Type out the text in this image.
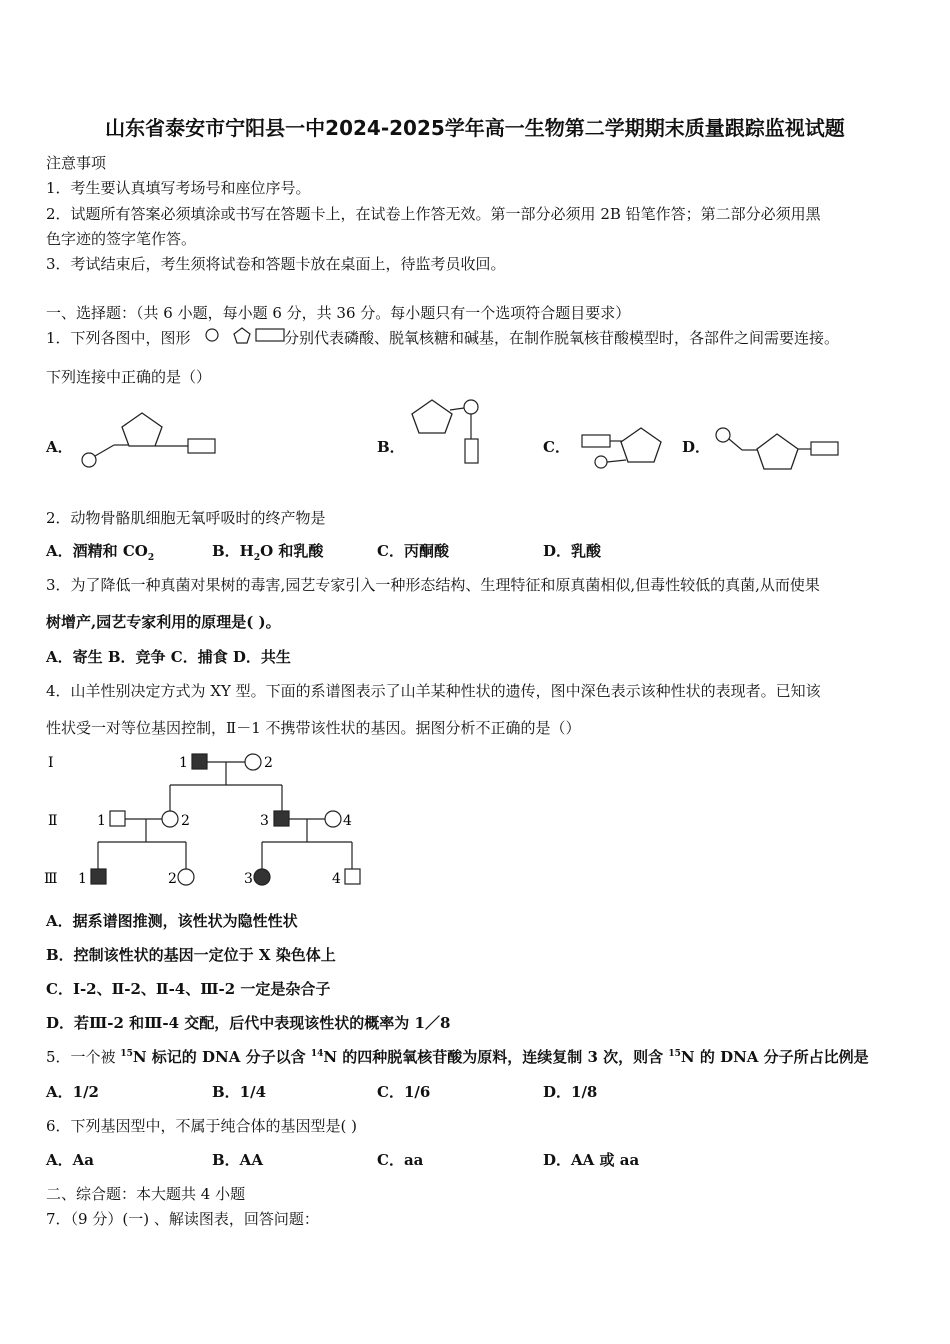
山东省泰安市宁阳县一中2024-2025学年高一生物第二学期期末质量跟踪监视试题
注意事项
1．考生要认真填写考场号和座位序号。
2．试题所有答案必须填涂或书写在答题卡上，在试卷上作答无效。第一部分必须用 2B 铅笔作答；第二部分必须用黑
色字迹的签字笔作答。
3．考试结束后，考生须将试卷和答题卡放在桌面上，待监考员收回。
一、选择题：（共 6 小题，每小题 6 分，共 36 分。每小题只有一个选项符合题目要求）
1．下列各图中，图形	分别代表磷酸、脱氧核糖和碱基，在制作脱氧核苷酸模型时，各部件之间需要连接。
下列连接中正确的是（）
A．	B．	C．	D．
2．动物骨骼肌细胞无氧呼吸时的终产物是
A．酒精和 $CO_2$	B．$H_2O$ 和乳酸	C．丙酮酸	D．乳酸
3．为了降低一种真菌对果树的毒害,园艺专家引入一种形态结构、生理特征和原真菌相似,但毒性较低的真菌,从而使果
树增产,园艺专家利用的原理是( )。
A．寄生 B．竞争 C．捕食 D．共生
4．山羊性别决定方式为 XY 型。下面的系谱图表示了山羊某种性状的遗传，图中深色表示该种性状的表现者。已知该
性状受一对等位基因控制，Ⅱ－1 不携带该性状的基因。据图分析不正确的是（）
Ⅰ
Ⅱ
Ⅲ
1	2
1	2	3	4
1	2	3	4
A．据系谱图推测，该性状为隐性性状
B．控制该性状的基因一定位于 X 染色体上
C．Ⅰ-2、Ⅱ-2、Ⅱ-4、Ⅲ-2 一定是杂合子
D．若Ⅲ-2 和Ⅲ-4 交配，后代中表现该性状的概率为 1／8
5．一个被 $^{15}$N 标记的 DNA 分子以含 $^{14}$N 的四种脱氧核苷酸为原料，连续复制 3 次，则含 $^{15}$N 的 DNA 分子所占比例是
A．1/2	B．1/4	C．1/6	D．1/8
6．下列基因型中，不属于纯合体的基因型是( )
A．Aa	B．AA	C．aa	D．AA 或 aa
二、综合题：本大题共 4 小题
7．（9 分）(一) 、解读图表，回答问题：
